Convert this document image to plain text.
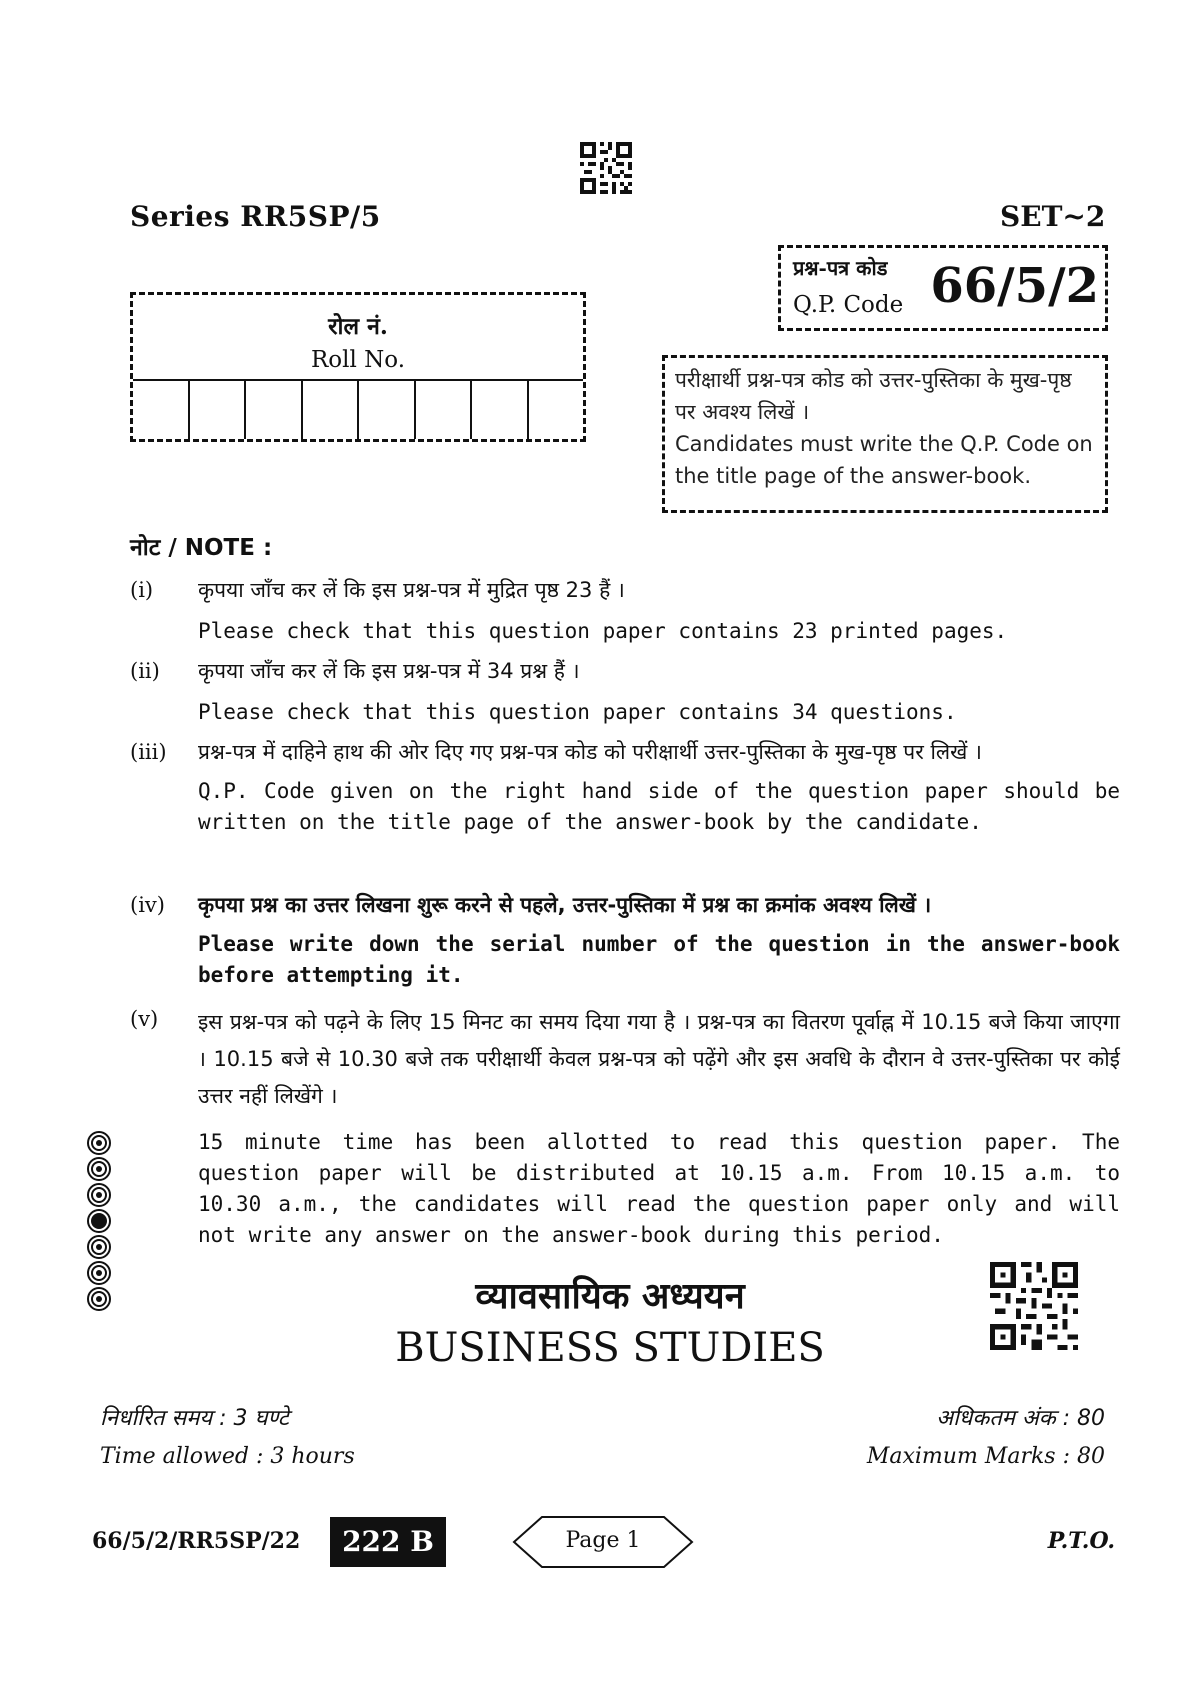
Series RR5SP/5	SET~2
प्रश्न-पत्र कोड
Q.P. Code 66/5/2
रोल नं.
Roll No.
परीक्षार्थी प्रश्न-पत्र कोड को उत्तर-पुस्तिका के मुख-पृष्ठ पर अवश्य लिखें ।
Candidates must write the Q.P. Code on the title page of the answer-book.
नोट / NOTE :
(i)	कृपया जाँच कर लें कि इस प्रश्न-पत्र में मुद्रित पृष्ठ 23 हैं ।
Please check that this question paper contains 23 printed pages.
(ii)	कृपया जाँच कर लें कि इस प्रश्न-पत्र में 34 प्रश्न हैं ।
Please check that this question paper contains 34 questions.
(iii)	प्रश्न-पत्र में दाहिने हाथ की ओर दिए गए प्रश्न-पत्र कोड को परीक्षार्थी उत्तर-पुस्तिका के मुख-पृष्ठ पर लिखें ।
Q.P. Code given on the right hand side of the question paper should be written on the title page of the answer-book by the candidate.
(iv)	कृपया प्रश्न का उत्तर लिखना शुरू करने से पहले, उत्तर-पुस्तिका में प्रश्न का क्रमांक अवश्य लिखें ।
Please write down the serial number of the question in the answer-book before attempting it.
(v)	इस प्रश्न-पत्र को पढ़ने के लिए 15 मिनट का समय दिया गया है । प्रश्न-पत्र का वितरण पूर्वाह्न में 10.15 बजे किया जाएगा । 10.15 बजे से 10.30 बजे तक परीक्षार्थी केवल प्रश्न-पत्र को पढ़ेंगे और इस अवधि के दौरान वे उत्तर-पुस्तिका पर कोई उत्तर नहीं लिखेंगे ।
15 minute time has been allotted to read this question paper. The question paper will be distributed at 10.15 a.m. From 10.15 a.m. to 10.30 a.m., the candidates will read the question paper only and will not write any answer on the answer-book during this period.
व्यावसायिक अध्ययन
BUSINESS STUDIES
निर्धारित समय : 3 घण्टे
Time allowed : 3 hours
अधिकतम अंक : 80
Maximum Marks : 80
66/5/2/RR5SP/22	222 B	Page 1	P.T.O.
